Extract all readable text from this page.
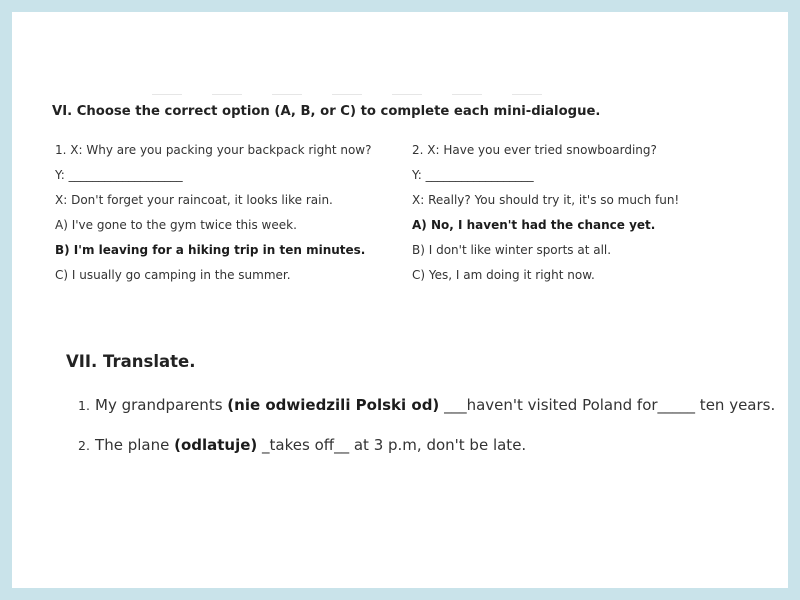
VI. Choose the correct option (A, B, or C) to complete each mini-dialogue.
1. X: Why are you packing your backpack right now?
Y: ___________________
X: Don't forget your raincoat, it looks like rain.
A) I've gone to the gym twice this week.
B) I'm leaving for a hiking trip in ten minutes.
C) I usually go camping in the summer.
2. X: Have you ever tried snowboarding?
Y: __________________
X: Really? You should try it, it's so much fun!
A) No, I haven't had the chance yet.
B) I don't like winter sports at all.
C) Yes, I am doing it right now.
VII. Translate.
1. My grandparents (nie odwiedzili Polski od) ___haven't visited Poland for_____ ten years.
2. The plane (odlatuje) _takes off__ at 3 p.m, don't be late.
